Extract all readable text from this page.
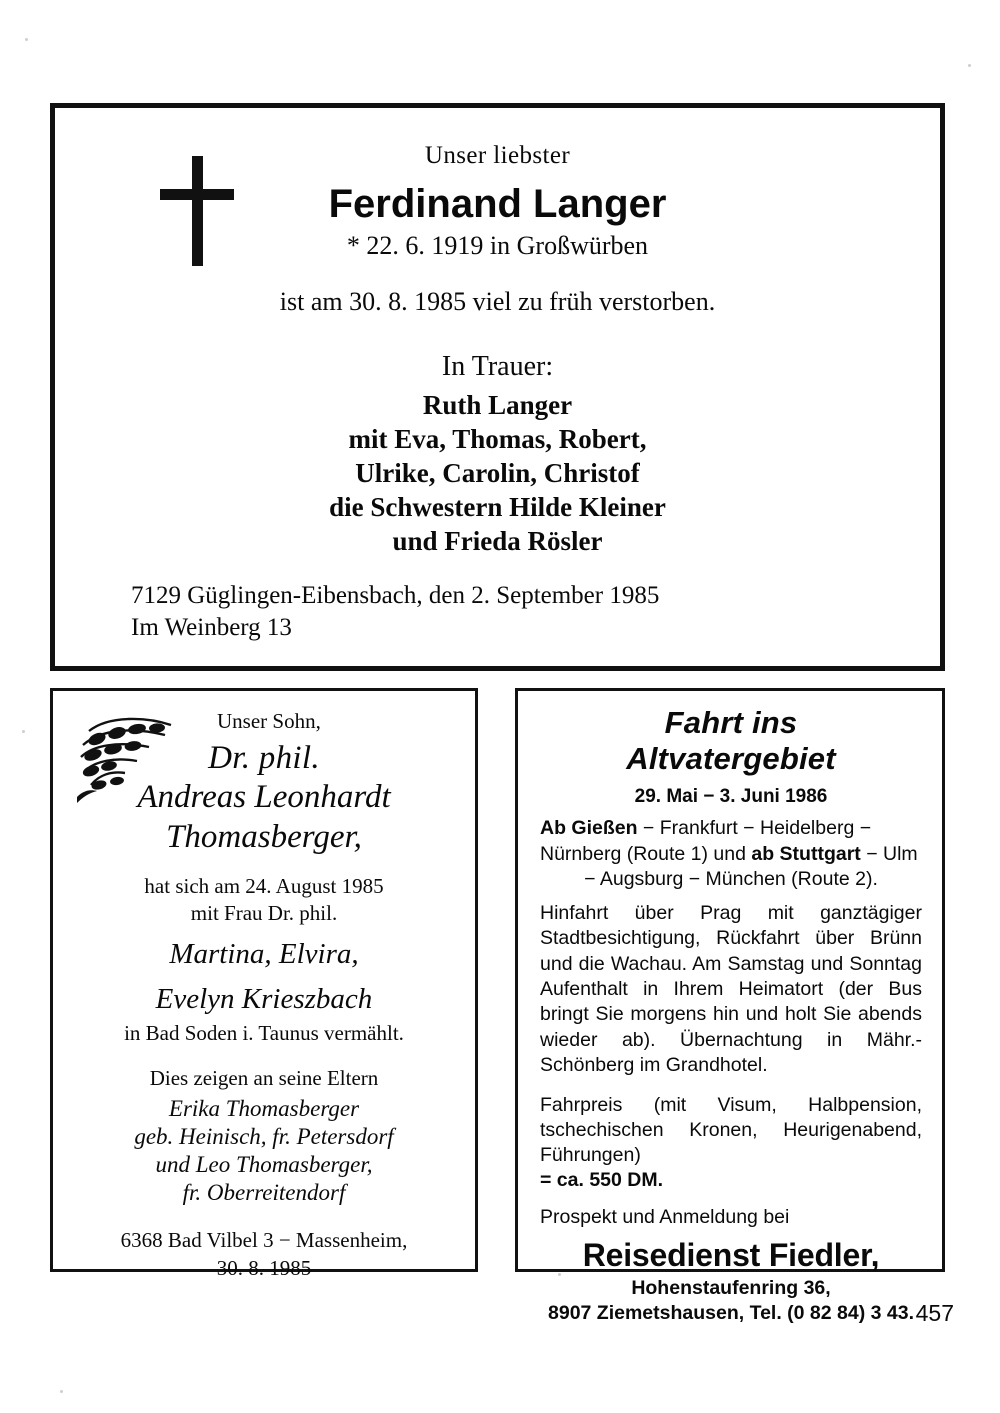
Unser liebster
Ferdinand Langer
* 22. 6. 1919 in Großwürben
ist am 30. 8. 1985 viel zu früh verstorben.
In Trauer:
Ruth Langer
mit Eva, Thomas, Robert,
Ulrike, Carolin, Christof
die Schwestern Hilde Kleiner
und Frieda Rösler
7129 Güglingen-Eibensbach, den 2. September 1985
Im Weinberg 13
Unser Sohn,
Dr. phil.
Andreas Leonhardt
Thomasberger,
hat sich am 24. August 1985
mit Frau Dr. phil.
Martina, Elvira,
Evelyn Krieszbach
in Bad Soden i. Taunus vermählt.
Dies zeigen an seine Eltern
Erika Thomasberger
geb. Heinisch, fr. Petersdorf
und Leo Thomasberger,
fr. Oberreitendorf
6368 Bad Vilbel 3 − Massenheim,
30. 8. 1985
Fahrt ins
Altvatergebiet
29. Mai − 3. Juni 1986
Ab Gießen − Frankfurt − Heidelberg −
Nürnberg (Route 1) und ab Stuttgart − Ulm
− Augsburg − München (Route 2).
Hinfahrt über Prag mit ganztägiger Stadtbesichtigung, Rückfahrt über Brünn und die Wachau. Am Samstag und Sonntag Aufenthalt in Ihrem Heimatort (der Bus bringt Sie morgens hin und holt Sie abends wieder ab). Übernachtung in Mähr.-Schönberg im Grandhotel.
Fahrpreis (mit Visum, Halbpension, tschechischen Kronen, Heurigenabend, Führungen)
= ca. 550 DM.
Prospekt und Anmeldung bei
Reisedienst Fiedler,
Hohenstaufenring 36,
8907 Ziemetshausen, Tel. (0 82 84) 3 43. 457
